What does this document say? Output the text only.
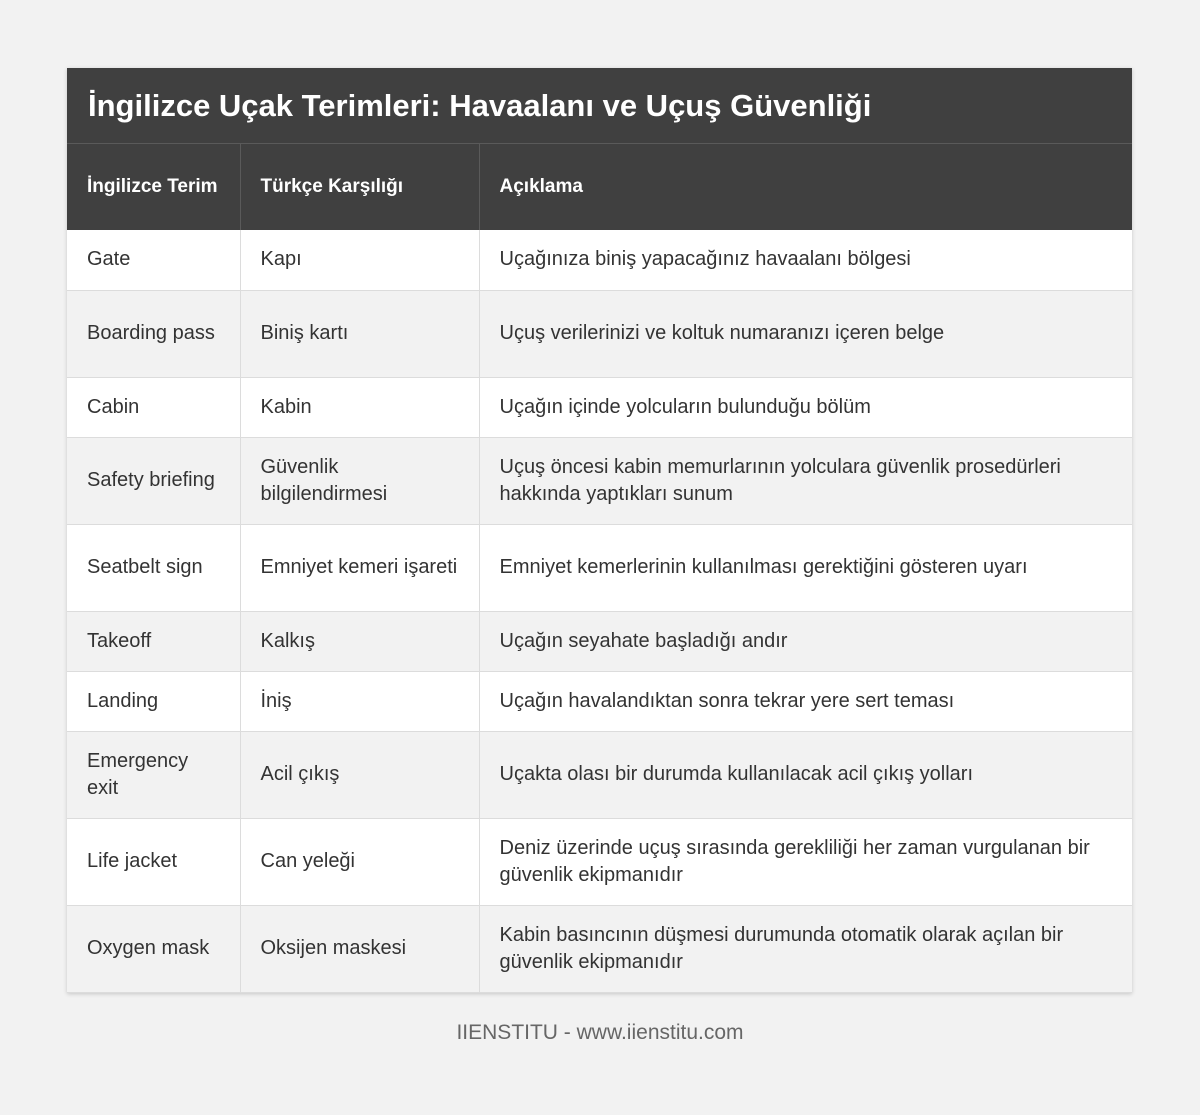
İngilizce Uçak Terimleri: Havaalanı ve Uçuş Güvenliği
İngilizce Terim	Türkçe Karşılığı	Açıklama
Gate	Kapı	Uçağınıza biniş yapacağınız havaalanı bölgesi
Boarding pass	Biniş kartı	Uçuş verilerinizi ve koltuk numaranızı içeren belge
Cabin	Kabin	Uçağın içinde yolcuların bulunduğu bölüm
Safety briefing	Güvenlik bilgilendirmesi	Uçuş öncesi kabin memurlarının yolculara güvenlik prosedürleri hakkında yaptıkları sunum
Seatbelt sign	Emniyet kemeri işareti	Emniyet kemerlerinin kullanılması gerektiğini gösteren uyarı
Takeoff	Kalkış	Uçağın seyahate başladığı andır
Landing	İniş	Uçağın havalandıktan sonra tekrar yere sert teması
Emergency exit	Acil çıkış	Uçakta olası bir durumda kullanılacak acil çıkış yolları
Life jacket	Can yeleği	Deniz üzerinde uçuş sırasında gerekliliği her zaman vurgulanan bir güvenlik ekipmanıdır
Oxygen mask	Oksijen maskesi	Kabin basıncının düşmesi durumunda otomatik olarak açılan bir güvenlik ekipmanıdır
IIENSTITU - www.iienstitu.com
